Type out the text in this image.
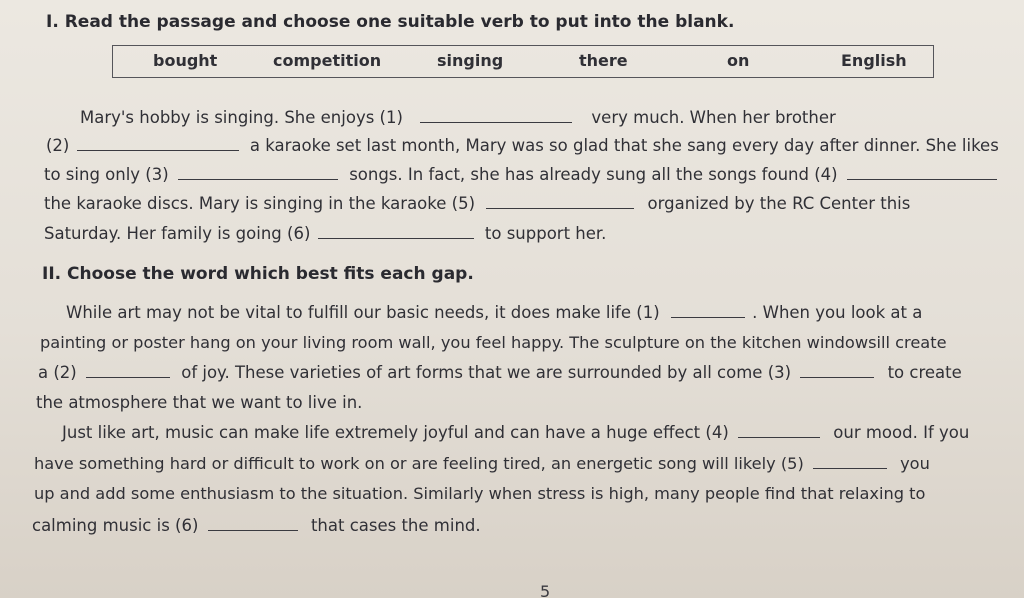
I. Read the passage and choose one suitable verb to put into the blank.
bought	competition	singing	there	on	English
Mary's hobby is singing. She enjoys (1)	very much. When her brother
(2)	a karaoke set last month, Mary was so glad that she sang every day after dinner. She likes
to sing only (3)	songs. In fact, she has already sung all the songs found (4)
the karaoke discs. Mary is singing in the karaoke (5)	organized by the RC Center this
Saturday. Her family is going (6)	to support her.
II. Choose the word which best fits each gap.
While art may not be vital to fulfill our basic needs, it does make life (1)	. When you look at a
painting or poster hang on your living room wall, you feel happy. The sculpture on the kitchen windowsill create
a (2)	of joy. These varieties of art forms that we are surrounded by all come (3)	to create
the atmosphere that we want to live in.
Just like art, music can make life extremely joyful and can have a huge effect (4)	our mood. If you
have something hard or difficult to work on or are feeling tired, an energetic song will likely (5)	you
up and add some enthusiasm to the situation. Similarly when stress is high, many people find that relaxing to
calming music is (6)	that cases the mind.
5
